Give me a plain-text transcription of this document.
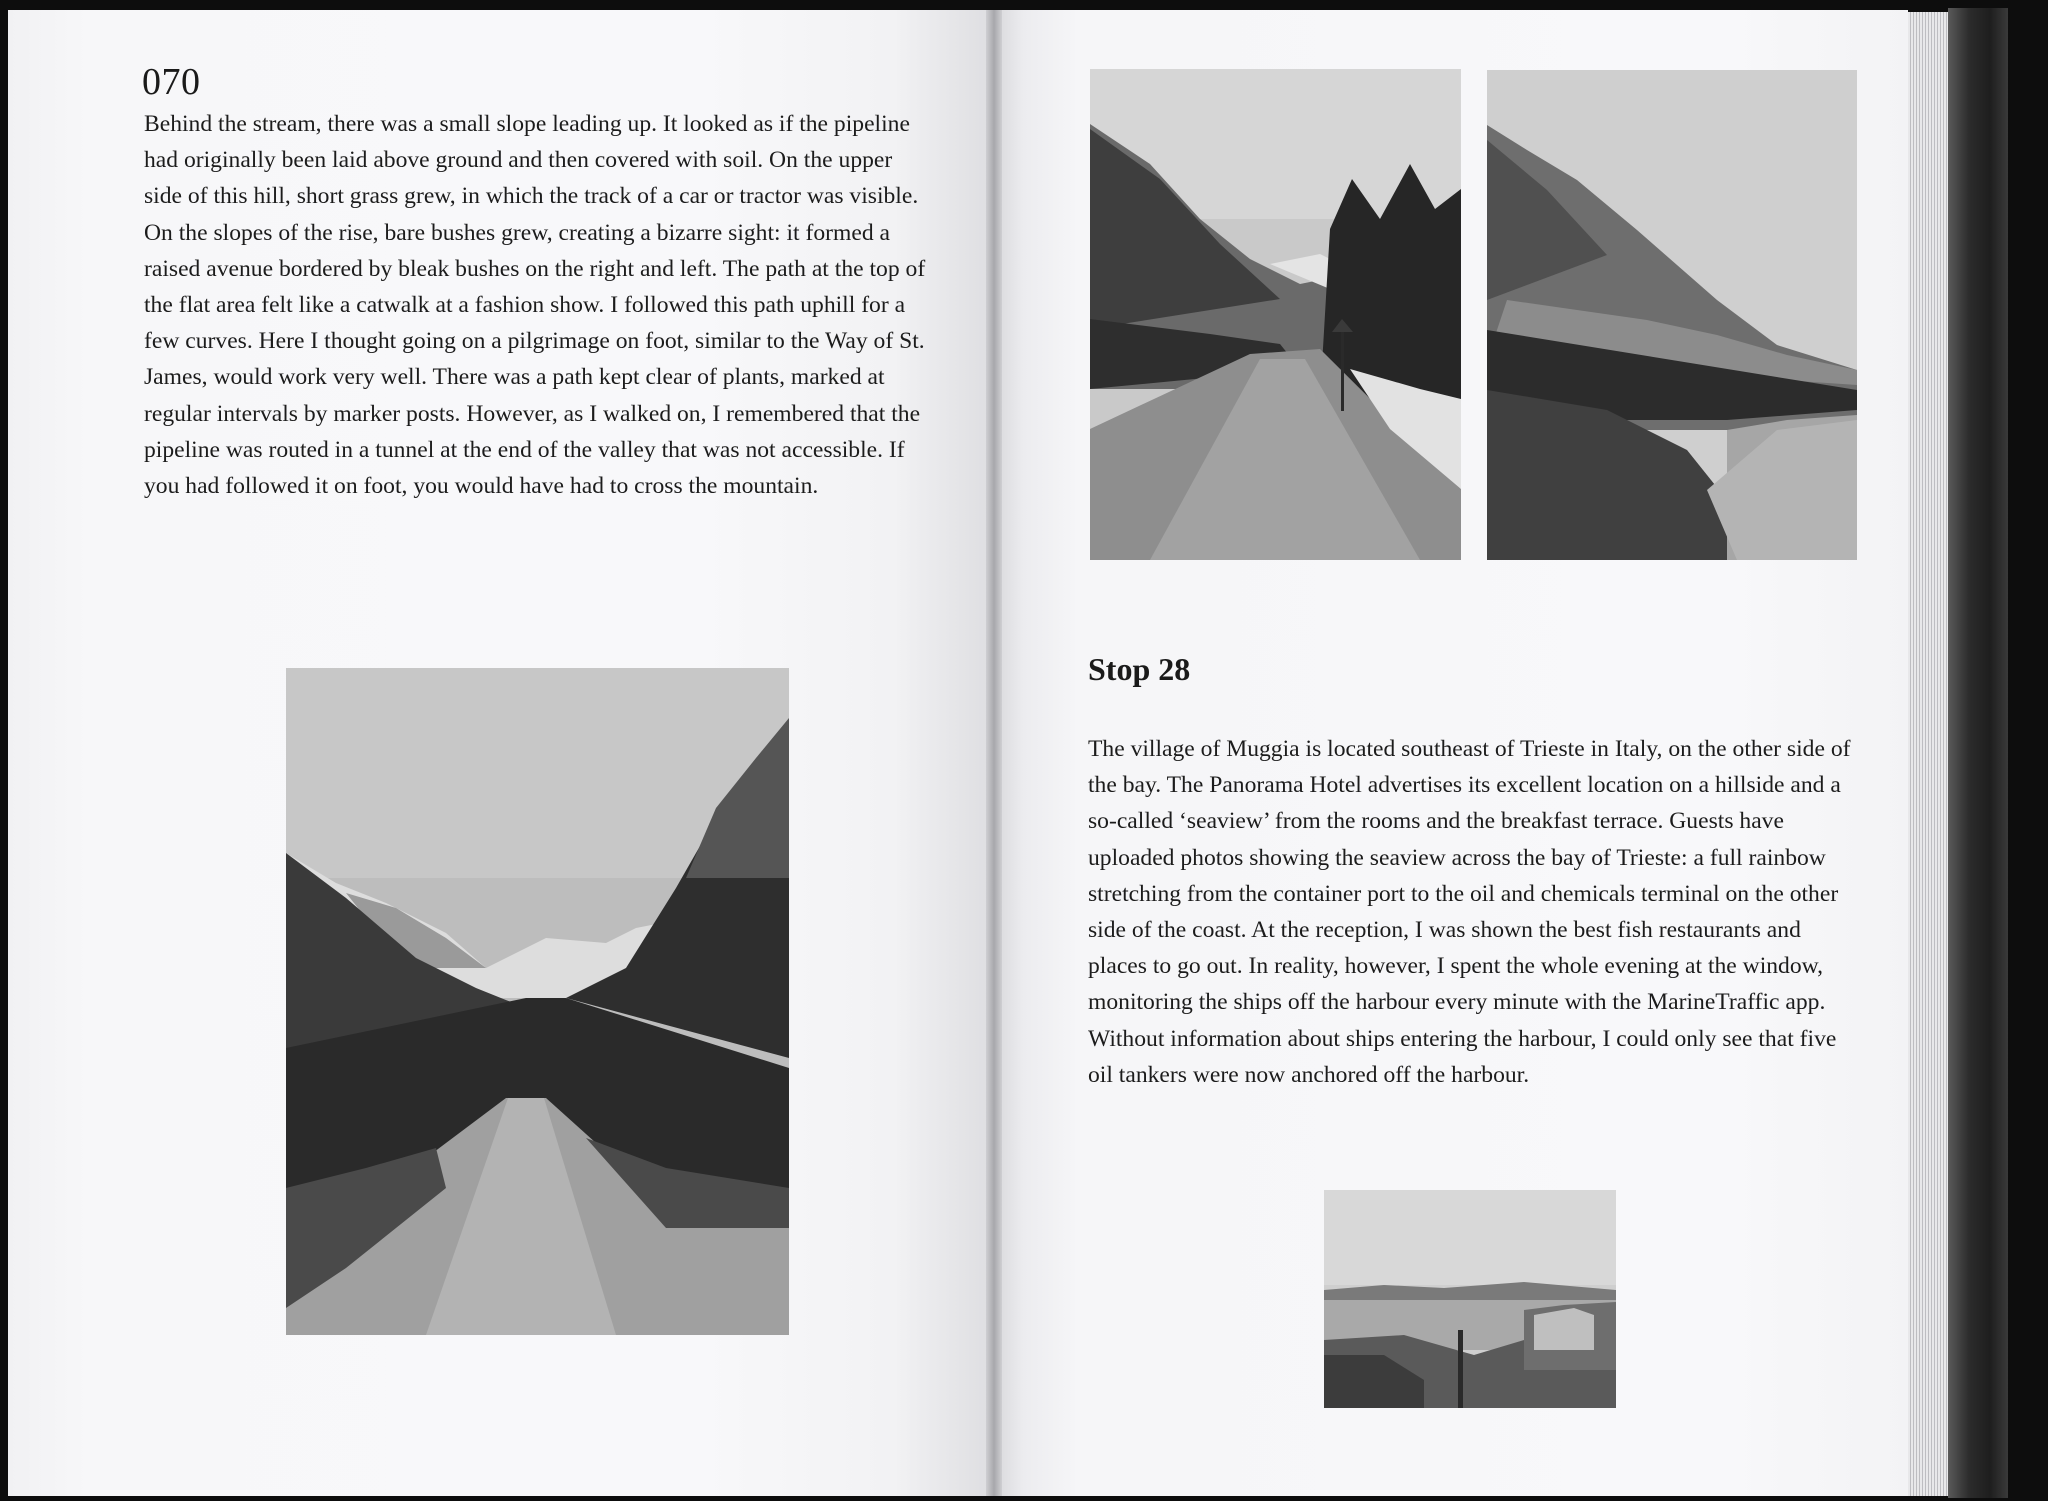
070

Behind the stream, there was a small slope leading up. It looked as if the pipeline had originally been laid above ground and then covered with soil. On the upper side of this hill, short grass grew, in which the track of a car or tractor was visible. On the slopes of the rise, bare bushes grew, creating a bizarre sight: it formed a raised avenue bordered by bleak bushes on the right and left. The path at the top of the flat area felt like a catwalk at a fashion show. I followed this path uphill for a few curves. Here I thought going on a pilgrimage on foot, similar to the Way of St. James, would work very well. There was a path kept clear of plants, marked at regular intervals by marker posts. However, as I walked on, I remembered that the pipeline was routed in a tunnel at the end of the valley that was not accessible. If you had followed it on foot, you would have had to cross the mountain.

Stop 28

The village of Muggia is located southeast of Trieste in Italy, on the other side of the bay. The Panorama Hotel advertises its excellent location on a hillside and a so-called ‘seaview’ from the rooms and the breakfast terrace. Guests have uploaded photos showing the seaview across the bay of Trieste: a full rainbow stretching from the container port to the oil and chemicals terminal on the other side of the coast. At the reception, I was shown the best fish restaurants and places to go out. In reality, however, I spent the whole evening at the window, monitoring the ships off the harbour every minute with the MarineTraffic app. Without information about ships entering the harbour, I could only see that five oil tankers were now anchored off the harbour.
